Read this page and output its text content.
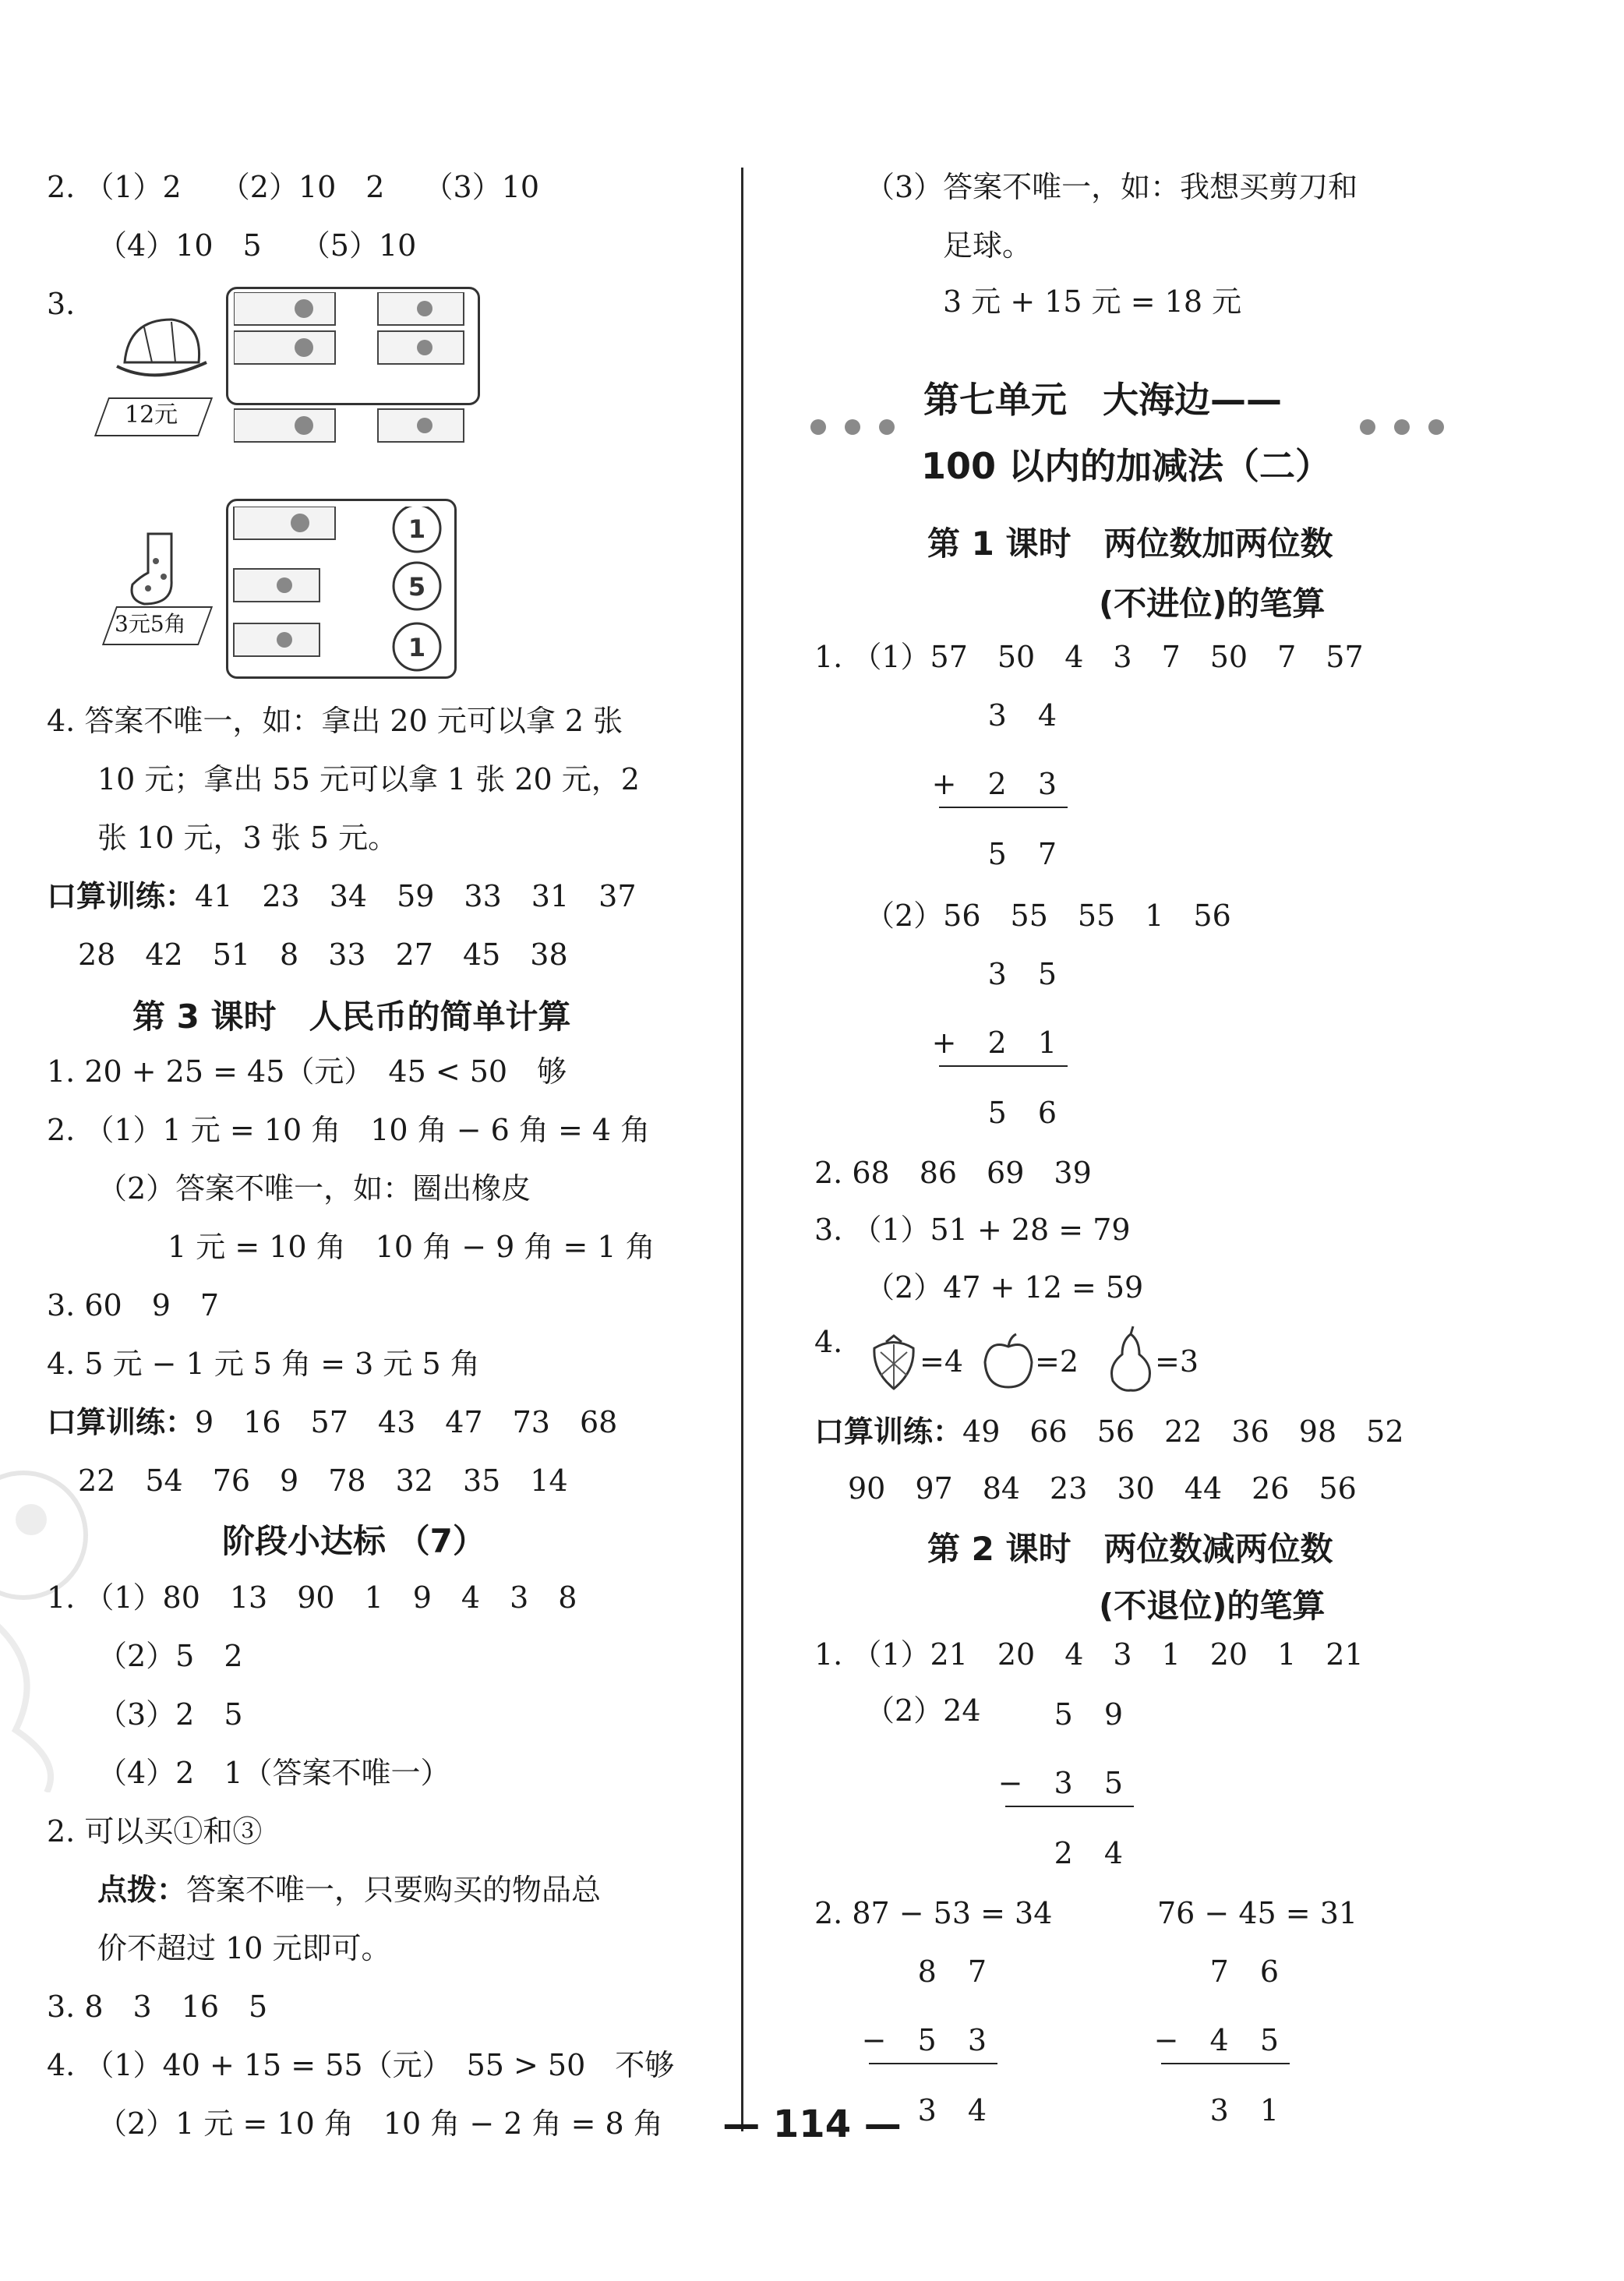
2. （1）2　 （2）10　2　 （3）10
（4）10　5　 （5）10
3.
12元
3元5角
1
5
1
4. 答案不唯一，如：拿出 20 元可以拿 2 张
10 元；拿出 55 元可以拿 1 张 20 元，2
张 10 元，3 张 5 元。
口算训练：41　23　34　59　33　31　37
28　42　51　8　33　27　45　38
第 3 课时　人民币的简单计算
1. 20 + 25 = 45（元）　45 < 50　够
2. （1）1 元 = 10 角　10 角 − 6 角 = 4 角
（2）答案不唯一，如：圈出橡皮
1 元 = 10 角　10 角 − 9 角 = 1 角
3. 60　9　7
4. 5 元 − 1 元 5 角 = 3 元 5 角
口算训练：9　16　57　43　47　73　68
22　54　76　9　78　32　35　14
阶段小达标 （7）
1. （1）80　13　90　1　9　4　3　8
（2）5　2
（3）2　5
（4）2　1（答案不唯一）
2. 可以买①和③
点拨：答案不唯一，只要购买的物品总
价不超过 10 元即可。
3. 8　3　16　5
4. （1）40 + 15 = 55（元）　55 > 50　不够
（2）1 元 = 10 角　10 角 − 2 角 = 8 角
（3）答案不唯一，如：我想买剪刀和
足球。
3 元 + 15 元 = 18 元
第七单元　大海边——
100 以内的加减法（二）
第 1 课时　两位数加两位数
(不进位)的笔算
1. （1）57　50　4　3　7　50　7　57
3 4
+ 2 3
5 7
（2）56　55　55　1　56
3 5
+ 2 1
5 6
2. 68　86　69　39
3. （1）51 + 28 = 79
（2）47 + 12 = 59
4.
=4 =2	=3
口算训练：49　66　56　22　36　98　52
90　97　84　23　30　44　26　56
第 2 课时　两位数减两位数
(不退位)的笔算
1. （1）21　20　4　3　1　20　1　21
（2）24 5 9
− 3 5
2 4
2. 87 − 53 = 34	76 − 45 = 31
8 7
− 5 3
3 4
7 6
− 4 5
3 1
— 114 —
